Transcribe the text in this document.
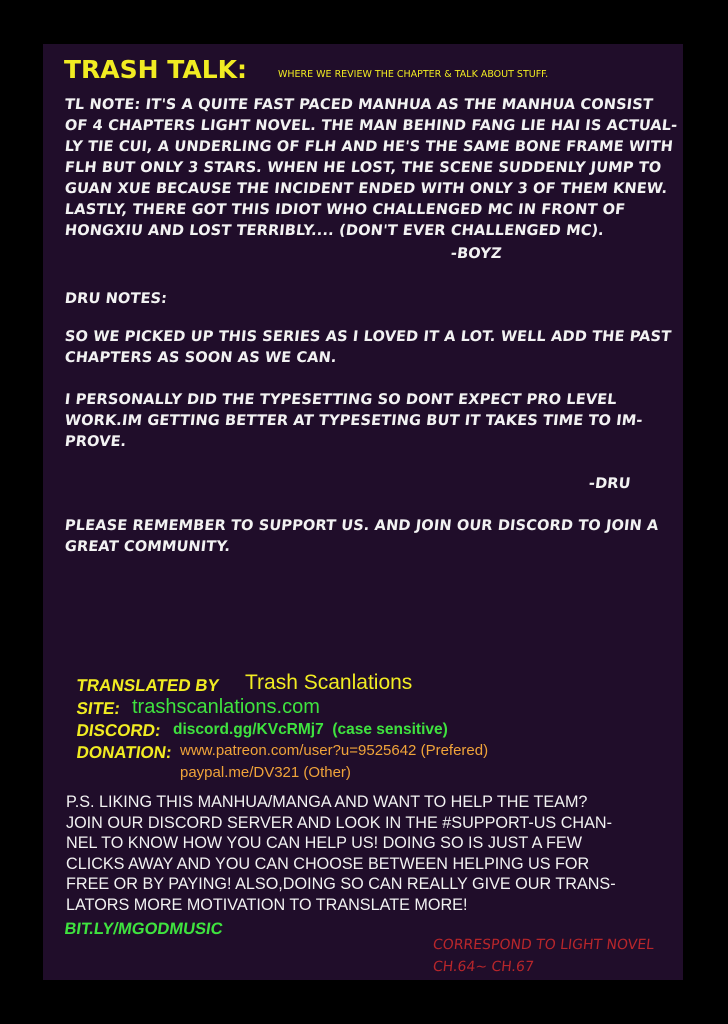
TRASH TALK:	WHERE WE REVIEW THE CHAPTER & TALK ABOUT STUFF.
TL NOTE: IT'S A QUITE FAST PACED MANHUA AS THE MANHUA CONSIST
OF 4 CHAPTERS LIGHT NOVEL. THE MAN BEHIND FANG LIE HAI IS ACTUAL-
LY TIE CUI, A UNDERLING OF FLH AND HE'S THE SAME BONE FRAME WITH
FLH BUT ONLY 3 STARS. WHEN HE LOST, THE SCENE SUDDENLY JUMP TO
GUAN XUE BECAUSE THE INCIDENT ENDED WITH ONLY 3 OF THEM KNEW.
LASTLY, THERE GOT THIS IDIOT WHO CHALLENGED MC IN FRONT OF
HONGXIU AND LOST TERRIBLY.... (DON'T EVER CHALLENGED MC).
-BOYZ
DRU NOTES:
SO WE PICKED UP THIS SERIES AS I LOVED IT A LOT. WELL ADD THE PAST
CHAPTERS AS SOON AS WE CAN.
I PERSONALLY DID THE TYPESETTING SO DONT EXPECT PRO LEVEL
WORK.IM GETTING BETTER AT TYPESETING BUT IT TAKES TIME TO IM-
PROVE.
-DRU
PLEASE REMEMBER TO SUPPORT US. AND JOIN OUR DISCORD TO JOIN A
GREAT COMMUNITY.
TRANSLATED BY Trash Scanlations
SITE: trashscanlations.com
DISCORD: discord.gg/KVcRMj7  (case sensitive)
DONATION: www.patreon.com/user?u=9525642 (Prefered)
paypal.me/DV321 (Other)
P.S. LIKING THIS MANHUA/MANGA AND WANT TO HELP THE TEAM?
JOIN OUR DISCORD SERVER AND LOOK IN THE #SUPPORT-US CHAN-
NEL TO KNOW HOW YOU CAN HELP US! DOING SO IS JUST A FEW
CLICKS AWAY AND YOU CAN CHOOSE BETWEEN HELPING US FOR
FREE OR BY PAYING! ALSO,DOING SO CAN REALLY GIVE OUR TRANS-
LATORS MORE MOTIVATION TO TRANSLATE MORE!
BIT.LY/MGODMUSIC
CORRESPOND TO LIGHT NOVEL
CH.64~ CH.67
